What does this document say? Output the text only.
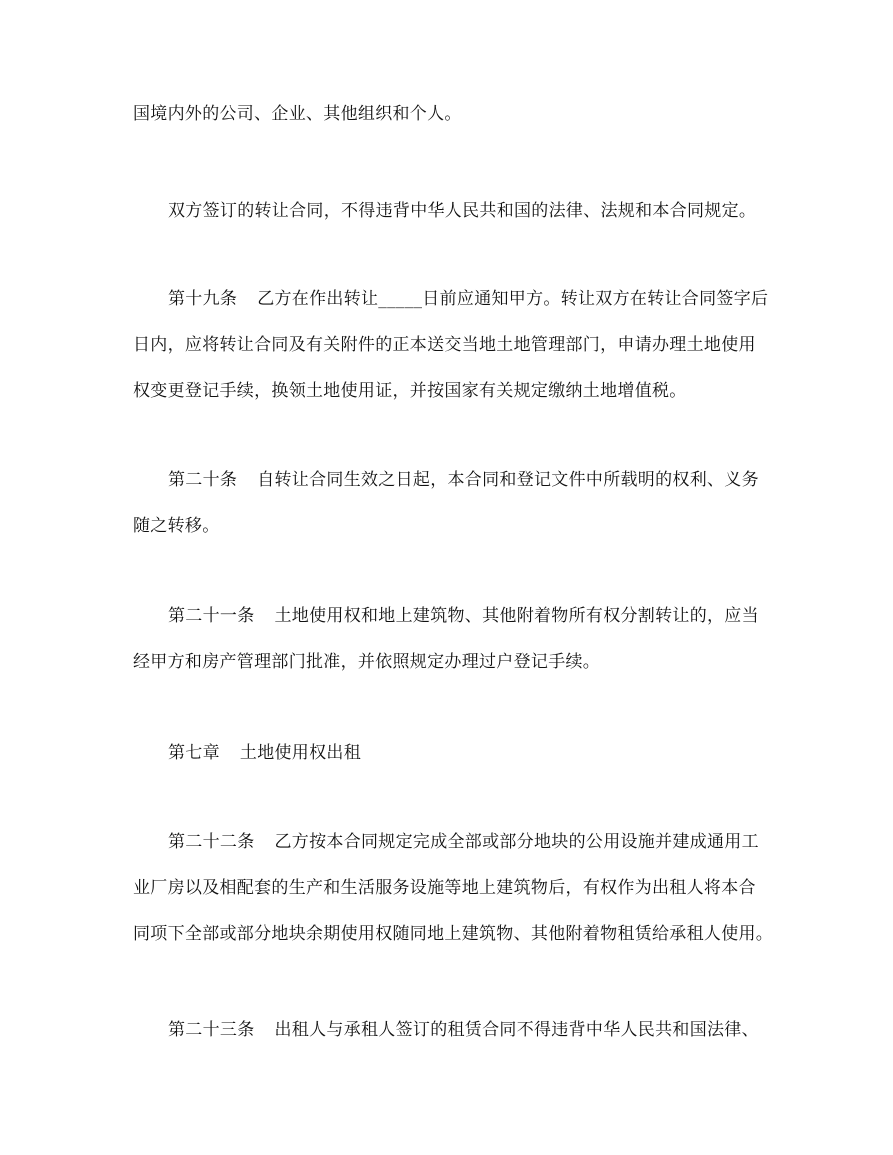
国境内外的公司、企业、其他组织和个人。
双方签订的转让合同，不得违背中华人民共和国的法律、法规和本合同规定。
第十九条 乙方在作出转让_____日前应通知甲方。转让双方在转让合同签字后
日内，应将转让合同及有关附件的正本送交当地土地管理部门，申请办理土地使用
权变更登记手续，换领土地使用证，并按国家有关规定缴纳土地增值税。
第二十条 自转让合同生效之日起，本合同和登记文件中所载明的权利、义务
随之转移。
第二十一条 土地使用权和地上建筑物、其他附着物所有权分割转让的，应当
经甲方和房产管理部门批准，并依照规定办理过户登记手续。
第七章 土地使用权出租
第二十二条 乙方按本合同规定完成全部或部分地块的公用设施并建成通用工
业厂房以及相配套的生产和生活服务设施等地上建筑物后，有权作为出租人将本合
同项下全部或部分地块余期使用权随同地上建筑物、其他附着物租赁给承租人使用。
第二十三条 出租人与承租人签订的租赁合同不得违背中华人民共和国法律、
